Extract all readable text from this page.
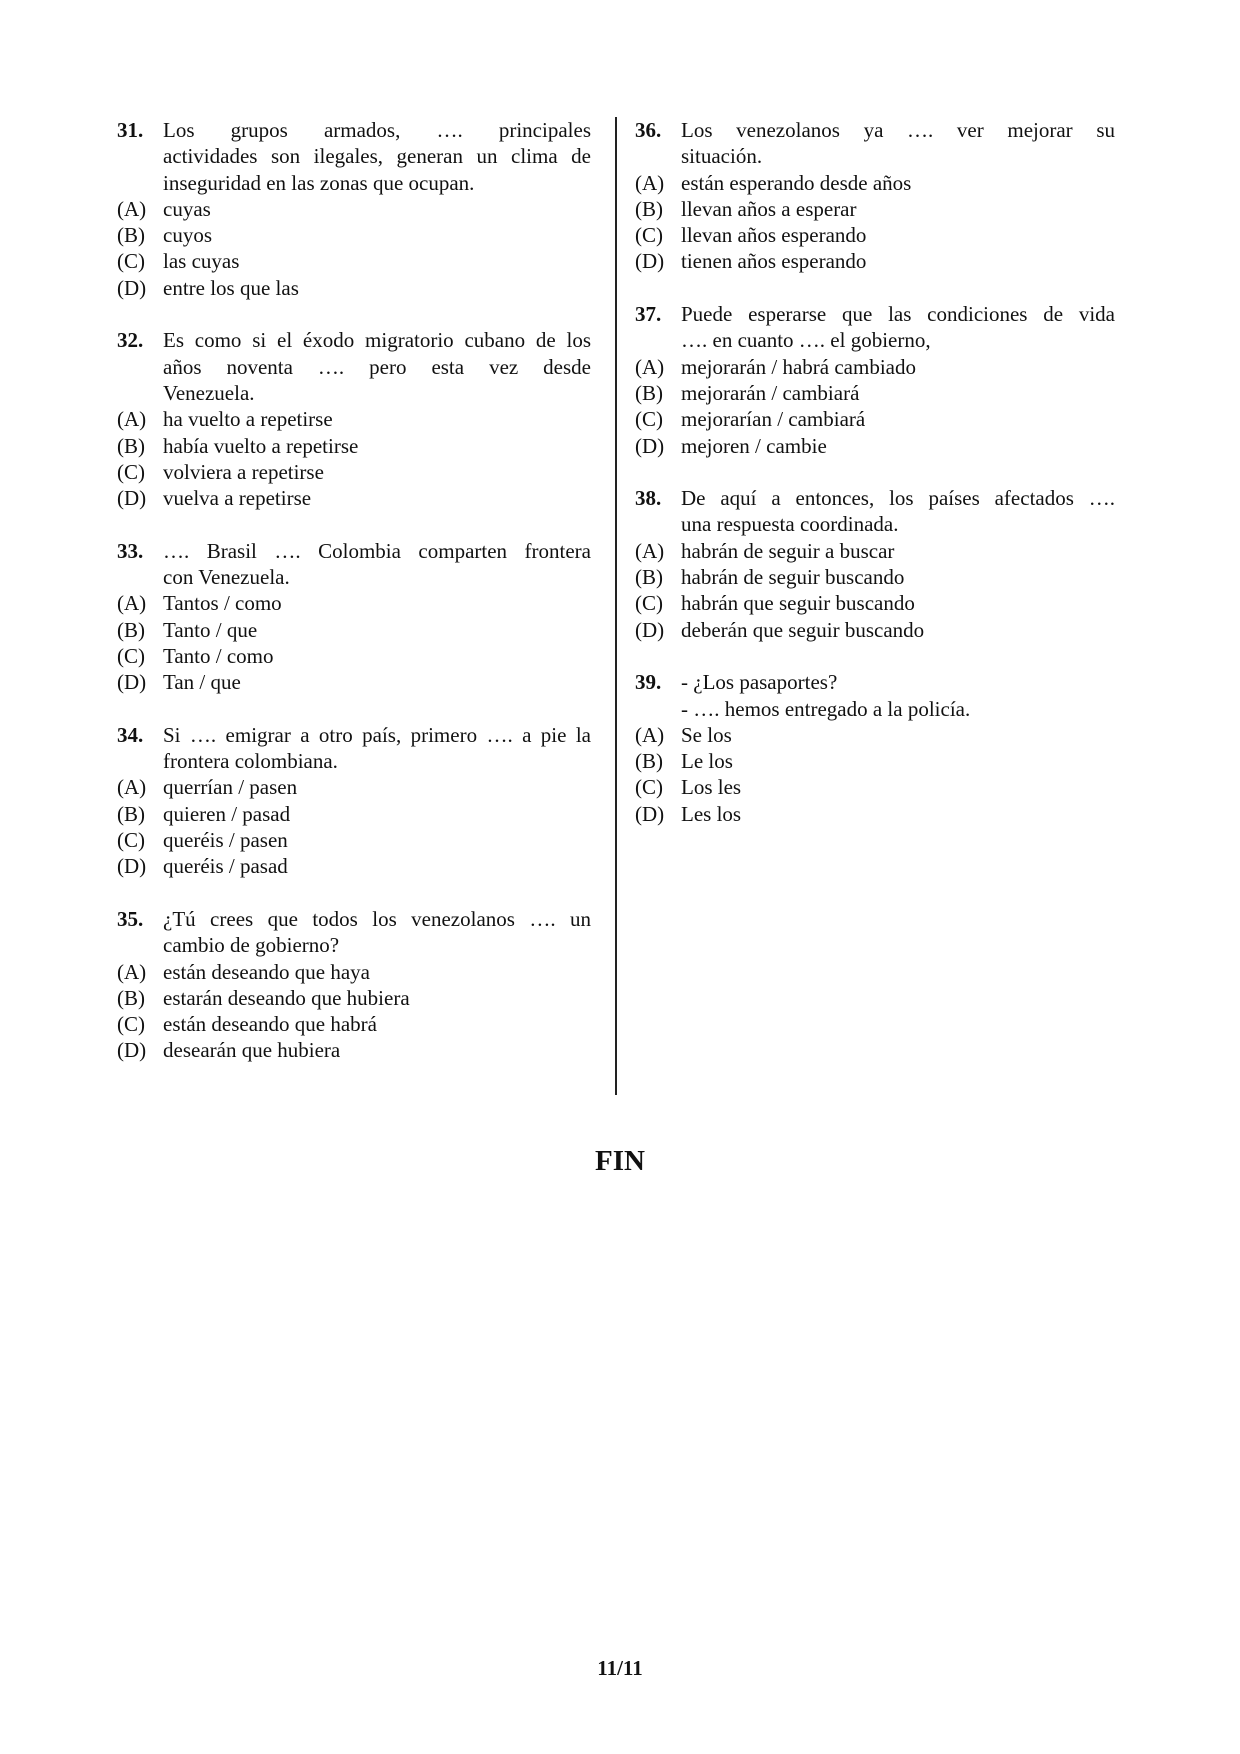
31. Los grupos armados, …. principales
actividades son ilegales, generan un clima de
inseguridad en las zonas que ocupan.
(A) cuyas
(B) cuyos
(C) las cuyas
(D) entre los que las
32. Es como si el éxodo migratorio cubano de los
años noventa …. pero esta vez desde
Venezuela.
(A) ha vuelto a repetirse
(B) había vuelto a repetirse
(C) volviera a repetirse
(D) vuelva a repetirse
33. …. Brasil …. Colombia comparten frontera
con Venezuela.
(A) Tantos / como
(B) Tanto / que
(C) Tanto / como
(D) Tan / que
34. Si …. emigrar a otro país, primero …. a pie la
frontera colombiana.
(A) querrían / pasen
(B) quieren / pasad
(C) queréis / pasen
(D) queréis / pasad
35. ¿Tú crees que todos los venezolanos …. un
cambio de gobierno?
(A) están deseando que haya
(B) estarán deseando que hubiera
(C) están deseando que habrá
(D) desearán que hubiera
36. Los venezolanos ya …. ver mejorar su
situación.
(A) están esperando desde años
(B) llevan años a esperar
(C) llevan años esperando
(D) tienen años esperando
37. Puede esperarse que las condiciones de vida
…. en cuanto …. el gobierno,
(A) mejorarán / habrá cambiado
(B) mejorarán / cambiará
(C) mejorarían / cambiará
(D) mejoren / cambie
38. De aquí a entonces, los países afectados ….
una respuesta coordinada.
(A) habrán de seguir a buscar
(B) habrán de seguir buscando
(C) habrán que seguir buscando
(D) deberán que seguir buscando
39. - ¿Los pasaportes?
- …. hemos entregado a la policía.
(A) Se los
(B) Le los
(C) Los les
(D) Les los
FIN
11/11
